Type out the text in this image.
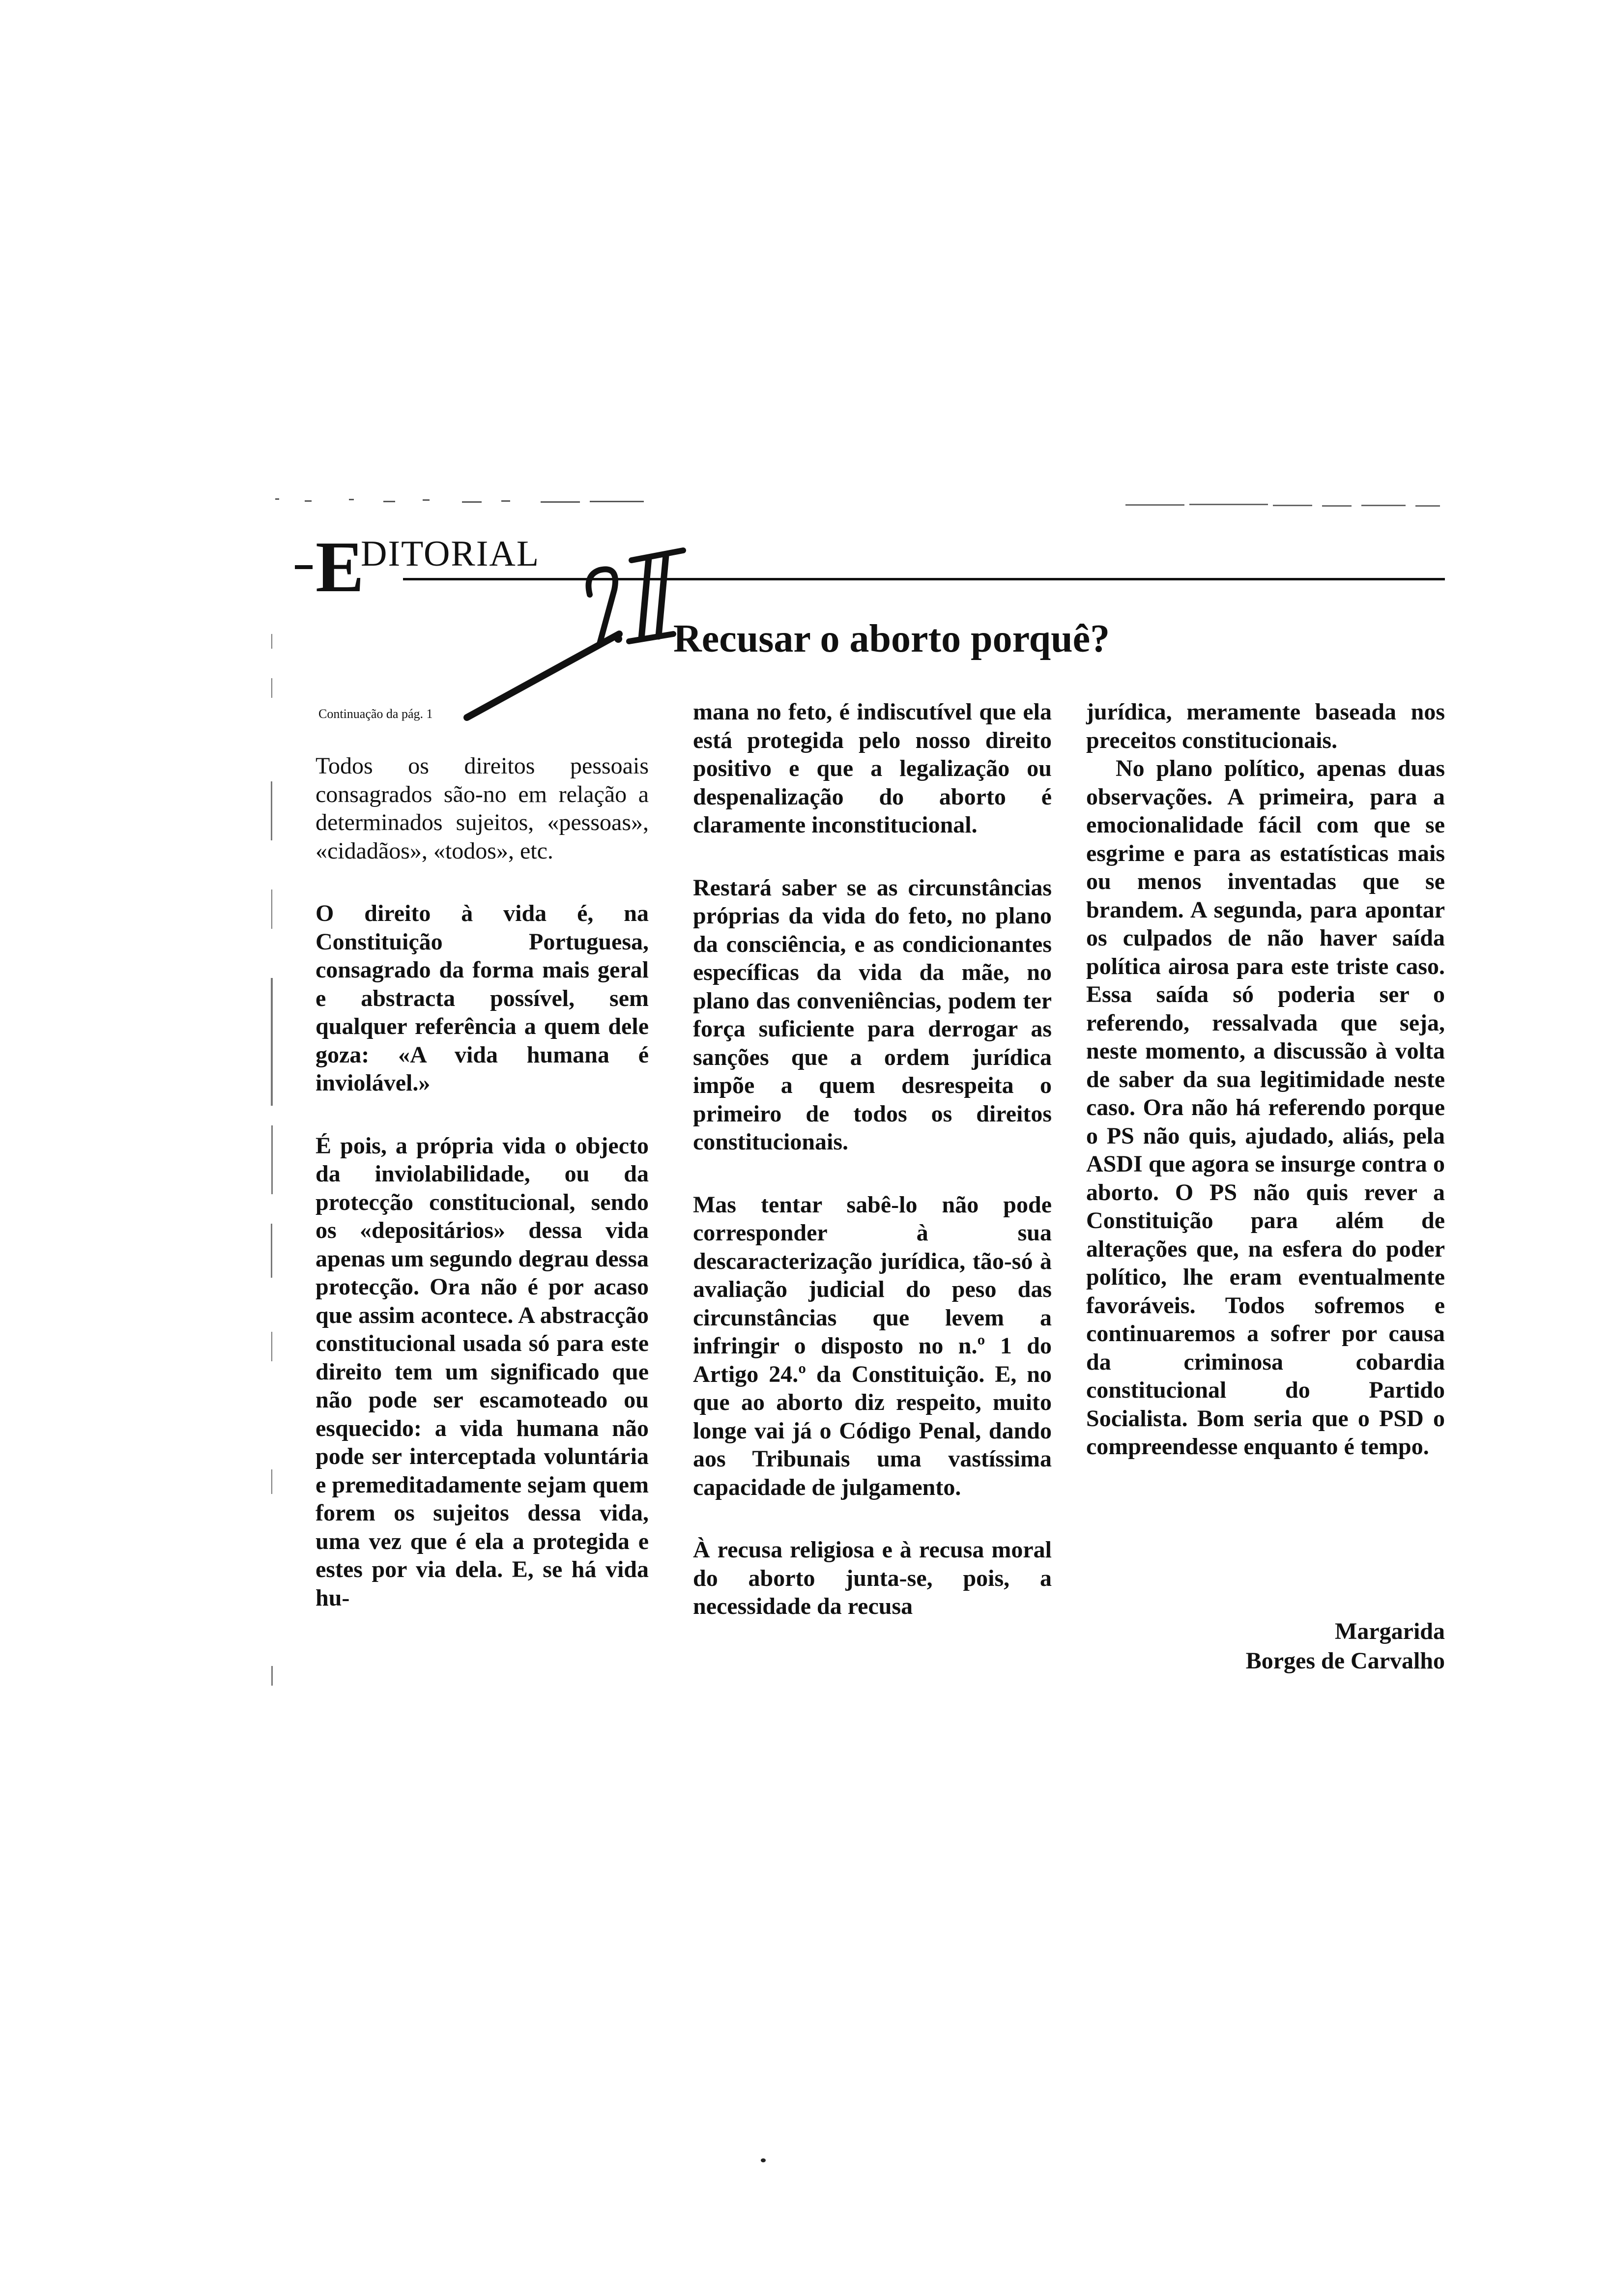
E
DITORIAL
Recusar o aborto porquê?
Continuação da pág. 1

Todos os direitos pessoais consagrados são-no em relação a determinados sujeitos, «pessoas», «cidadãos», «todos», etc.

O direito à vida é, na Constituição Portuguesa, consagrado da forma mais geral e abstracta possível, sem qualquer referência a quem dele goza: «A vida humana é inviolável.»

É pois, a própria vida o objecto da inviolabilidade, ou da protecção constitucional, sendo os «depositários» dessa vida apenas um segundo degrau dessa protecção. Ora não é por acaso que assim acontece. A abstracção constitucional usada só para este direito tem um significado que não pode ser escamoteado ou esquecido: a vida humana não pode ser interceptada voluntária e premeditadamente sejam quem forem os sujeitos dessa vida, uma vez que é ela a protegida e estes por via dela. E, se há vida hu-

mana no feto, é indiscutível que ela está protegida pelo nosso direito positivo e que a legalização ou despenalização do aborto é claramente inconstitucional.

Restará saber se as circunstâncias próprias da vida do feto, no plano da consciência, e as condicionantes específicas da vida da mãe, no plano das conveniências, podem ter força suficiente para derrogar as sanções que a ordem jurídica impõe a quem desrespeita o primeiro de todos os direitos constitucionais.

Mas tentar sabê-lo não pode corresponder à sua descaracterização jurídica, tão-só à avaliação judicial do peso das circunstâncias que levem a infringir o disposto no n.º 1 do Artigo 24.º da Constituição. E, no que ao aborto diz respeito, muito longe vai já o Código Penal, dando aos Tribunais uma vastíssima capacidade de julgamento.

À recusa religiosa e à recusa moral do aborto junta-se, pois, a necessidade da recusa

jurídica, meramente baseada nos preceitos constitucionais.

No plano político, apenas duas observações. A primeira, para a emocionalidade fácil com que se esgrime e para as estatísticas mais ou menos inventadas que se brandem. A segunda, para apontar os culpados de não haver saída política airosa para este triste caso. Essa saída só poderia ser o referendo, ressalvada que seja, neste momento, a discussão à volta de saber da sua legitimidade neste caso. Ora não há referendo porque o PS não quis, ajudado, aliás, pela ASDI que agora se insurge contra o aborto. O PS não quis rever a Constituição para além de alterações que, na esfera do poder político, lhe eram eventualmente favoráveis. Todos sofremos e continuaremos a sofrer por causa da criminosa cobardia constitucional do Partido Socialista. Bom seria que o PSD o compreendesse enquanto é tempo.

Margarida
Borges de Carvalho
